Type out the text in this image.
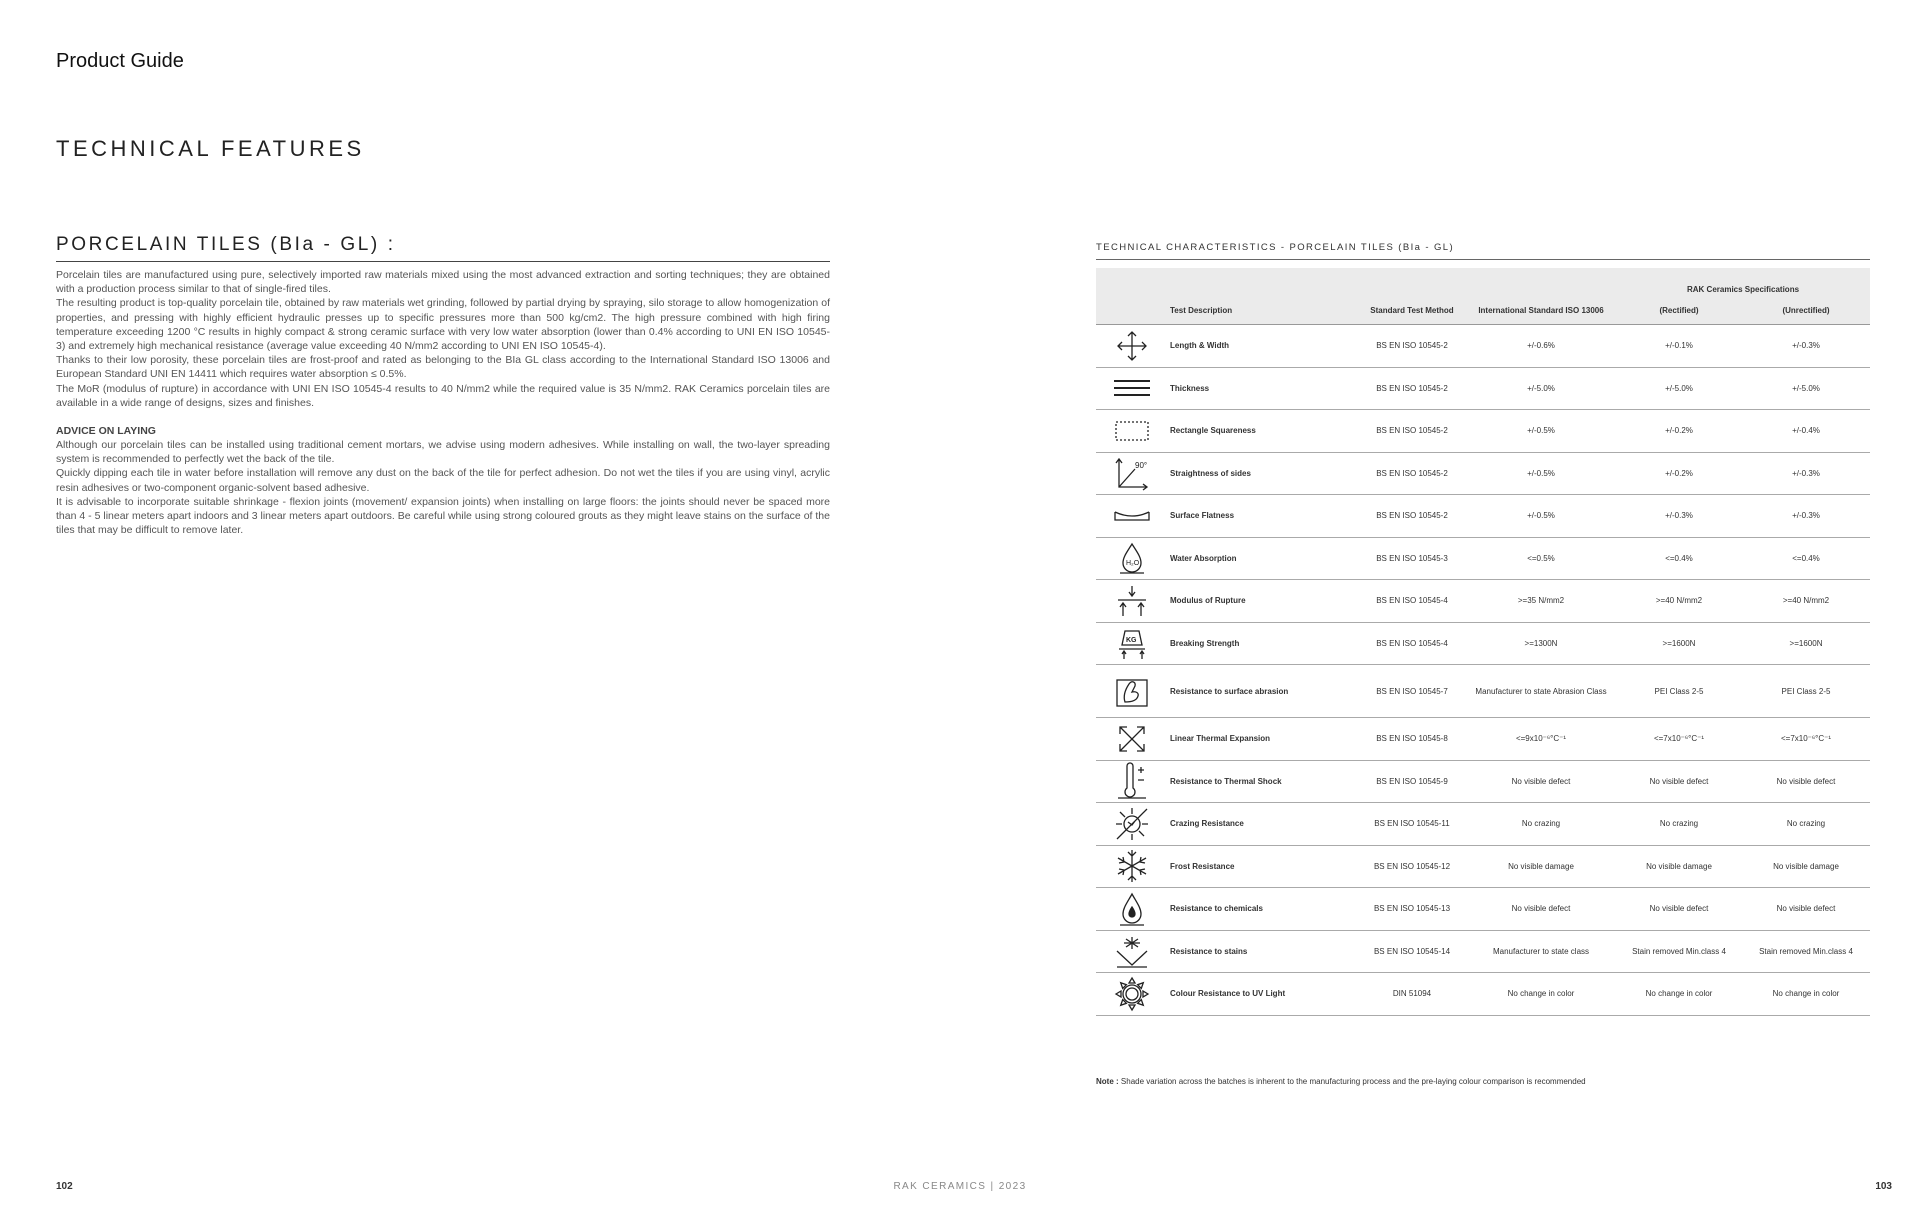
Product Guide
TECHNICAL FEATURES
PORCELAIN TILES (BIa - GL) :
Porcelain tiles are manufactured using pure, selectively imported raw materials mixed using the most advanced extraction and sorting techniques; they are obtained with a production process similar to that of single-fired tiles.
The resulting product is top-quality porcelain tile, obtained by raw materials wet grinding, followed by partial drying by spraying, silo storage to allow homogenization of properties, and pressing with highly efficient hydraulic presses up to specific pressures more than 500 kg/cm2. The high pressure combined with high firing temperature exceeding 1200 °C results in highly compact & strong ceramic surface with very low water absorption (lower than 0.4% according to UNI EN ISO 10545-3) and extremely high mechanical resistance (average value exceeding 40 N/mm2 according to UNI EN ISO 10545-4).
Thanks to their low porosity, these porcelain tiles are frost-proof and rated as belonging to the BIa GL class according to the International Standard ISO 13006 and European Standard UNI EN 14411 which requires water absorption ≤ 0.5%.
The MoR (modulus of rupture) in accordance with UNI EN ISO 10545-4 results to 40 N/mm2 while the required value is 35 N/mm2. RAK Ceramics porcelain tiles are available in a wide range of designs, sizes and finishes.
ADVICE ON LAYING
Although our porcelain tiles can be installed using traditional cement mortars, we advise using modern adhesives. While installing on wall, the two-layer spreading system is recommended to perfectly wet the back of the tile.
Quickly dipping each tile in water before installation will remove any dust on the back of the tile for perfect adhesion. Do not wet the tiles if you are using vinyl, acrylic resin adhesives or two-component organic-solvent based adhesive.
It is advisable to incorporate suitable shrinkage - flexion joints (movement/ expansion joints) when installing on large floors: the joints should never be spaced more than 4 - 5 linear meters apart indoors and 3 linear meters apart outdoors. Be careful while using strong coloured grouts as they might leave stains on the surface of the tiles that may be difficult to remove later.
TECHNICAL CHARACTERISTICS - PORCELAIN TILES (BIa - GL)
				RAK Ceramics Specifications	
	Test Description	Standard Test Method	International Standard ISO 13006	(Rectified)	(Unrectified)

	Length & Width	BS EN ISO 10545-2	+/-0.6%	+/-0.1%	+/-0.3%

	Thickness	BS EN ISO 10545-2	+/-5.0%	+/-5.0%	+/-5.0%

	Rectangle Squareness	BS EN ISO 10545-2	+/-0.5%	+/-0.2%	+/-0.4%

90°	Straightness of sides	BS EN ISO 10545-2	+/-0.5%	+/-0.2%	+/-0.3%

	Surface Flatness	BS EN ISO 10545-2	+/-0.5%	+/-0.3%	+/-0.3%

H₂O	Water Absorption	BS EN ISO 10545-3	<=0.5%	<=0.4%	<=0.4%

	Modulus of Rupture	BS EN ISO 10545-4	>=35 N/mm2	>=40 N/mm2	>=40 N/mm2

KG	Breaking Strength	BS EN ISO 10545-4	>=1300N	>=1600N	>=1600N

	Resistance to surface abrasion	BS EN ISO 10545-7	Manufacturer to state Abrasion Class	PEI Class 2-5	PEI Class 2-5

	Linear Thermal Expansion	BS EN ISO 10545-8	<=9x10⁻⁶°C⁻¹	<=7x10⁻⁶°C⁻¹	<=7x10⁻⁶°C⁻¹

	Resistance to Thermal Shock	BS EN ISO 10545-9	No visible defect	No visible defect	No visible defect

	Crazing Resistance	BS EN ISO 10545-11	No crazing	No crazing	No crazing

	Frost Resistance	BS EN ISO 10545-12	No visible damage	No visible damage	No visible damage

	Resistance to chemicals	BS EN ISO 10545-13	No visible defect	No visible defect	No visible defect

	Resistance to stains	BS EN ISO 10545-14	Manufacturer to state class	Stain removed Min.class 4	Stain removed Min.class 4

	Colour Resistance to UV Light	DIN 51094	No change in color	No change in color	No change in color
Note : Shade variation across the batches is inherent to the manufacturing process and the pre-laying colour comparison is recommended
102	RAK CERAMICS | 2023	103
